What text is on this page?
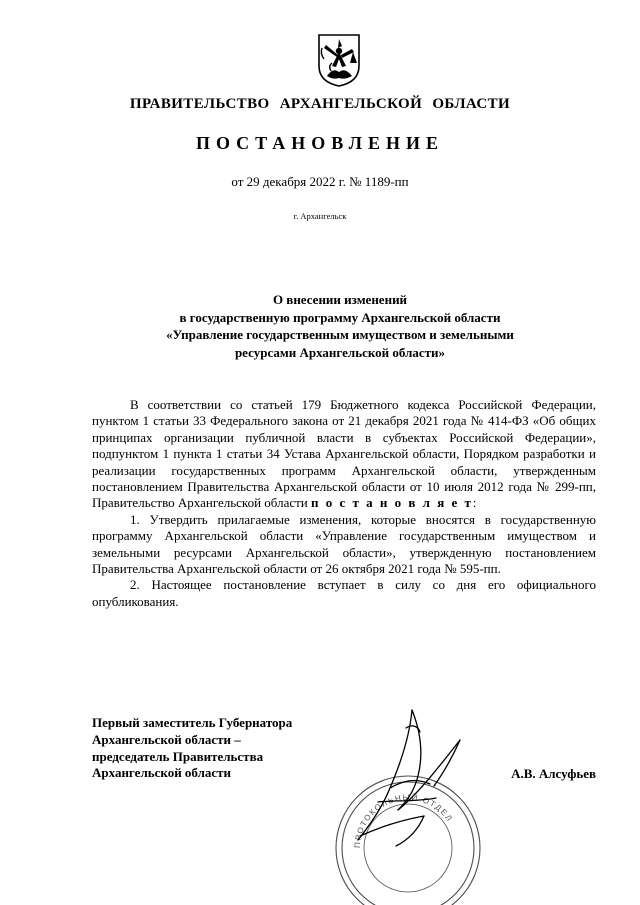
ПРАВИТЕЛЬСТВО АРХАНГЕЛЬСКОЙ ОБЛАСТИ
ПОСТАНОВЛЕНИЕ
от 29 декабря 2022 г. № 1189-пп
г. Архангельск
О внесении изменений
в государственную программу Архангельской области
«Управление государственным имуществом и земельными
ресурсами Архангельской области»

В соответствии со статьей 179 Бюджетного кодекса Российской Федерации, пунктом 1 статьи 33 Федерального закона от 21 декабря 2021 года № 414-ФЗ «Об общих принципах организации публичной власти в субъектах Российской Федерации», подпунктом 1 пункта 1 статьи 34 Устава Архангельской области, Порядком разработки и реализации государственных программ Архангельской области, утвержденным постановлением Правительства Архангельской области от 10 июля 2012 года № 299-пп, Правительство Архангельской области п о с т а н о в л я е т:

1. Утвердить прилагаемые изменения, которые вносятся в государственную программу Архангельской области «Управление государственным имуществом и земельными ресурсами Архангельской области», утвержденную постановлением Правительства Архангельской области от 26 октября 2021 года № 595-пп.

2. Настоящее постановление вступает в силу со дня его официального опубликования.

Первый заместитель Губернатора
Архангельской области –
председатель Правительства
Архангельской области	А.В. Алсуфьев
ПРОТОКОЛЬНЫЙ ОТДЕЛ
